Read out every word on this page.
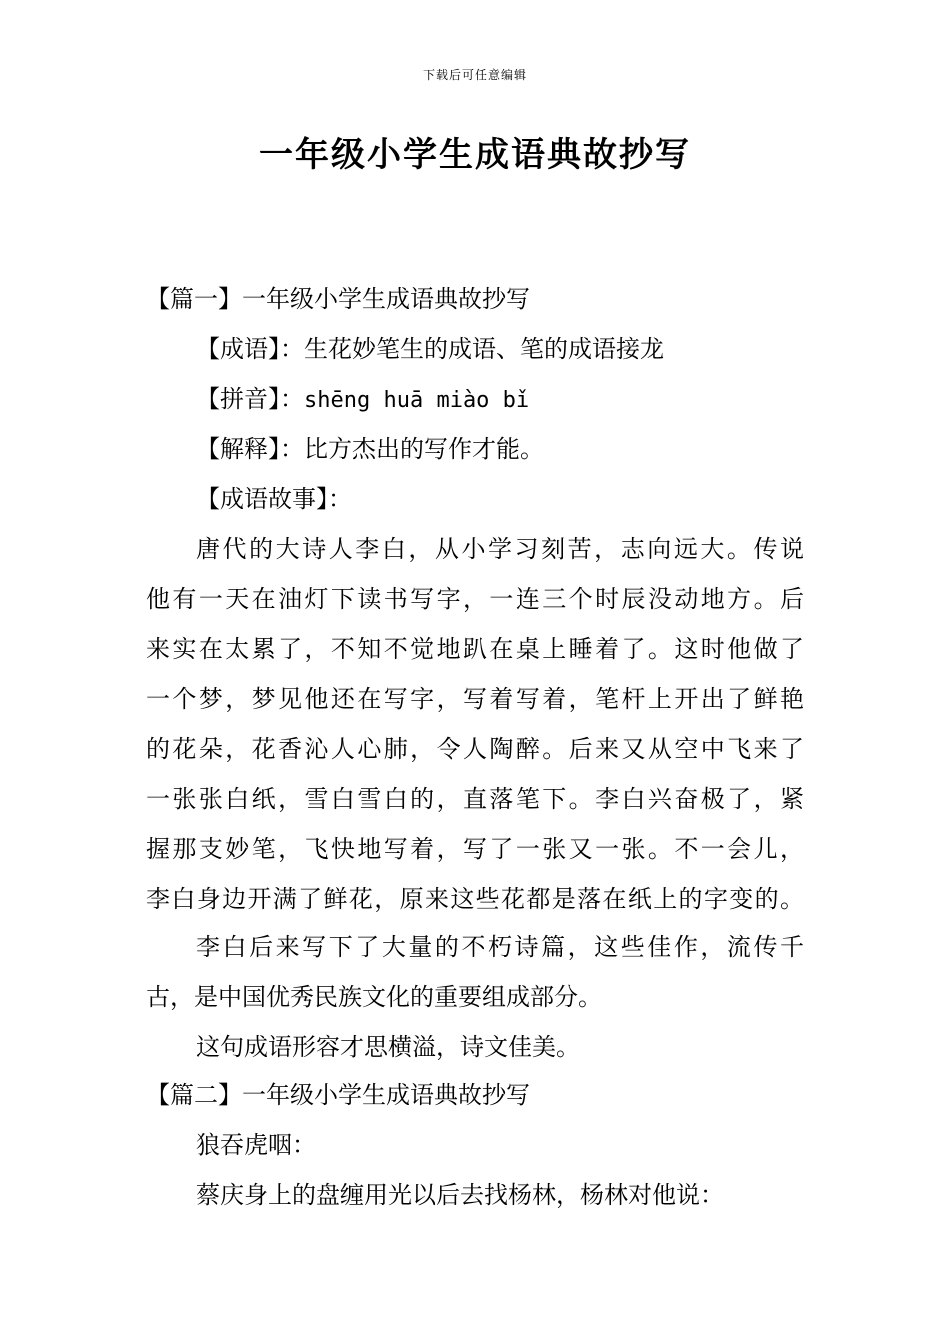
下载后可任意编辑
一年级小学生成语典故抄写
【篇一】一年级小学生成语典故抄写
【成语】：生花妙笔生的成语、笔的成语接龙
【拼音】：shēng huā miào bǐ
【解释】：比方杰出的写作才能。
【成语故事】：
唐代的大诗人李白，从小学习刻苦，志向远大。传说
他有一天在油灯下读书写字，一连三个时辰没动地方。后
来实在太累了，不知不觉地趴在桌上睡着了。这时他做了
一个梦，梦见他还在写字，写着写着，笔杆上开出了鲜艳
的花朵，花香沁人心肺，令人陶醉。后来又从空中飞来了
一张张白纸，雪白雪白的，直落笔下。李白兴奋极了，紧
握那支妙笔，飞快地写着，写了一张又一张。不一会儿，
李白身边开满了鲜花，原来这些花都是落在纸上的字变的。
李白后来写下了大量的不朽诗篇，这些佳作，流传千
古，是中国优秀民族文化的重要组成部分。
这句成语形容才思横溢，诗文佳美。
【篇二】一年级小学生成语典故抄写
狼吞虎咽：
蔡庆身上的盘缠用光以后去找杨林，杨林对他说：
